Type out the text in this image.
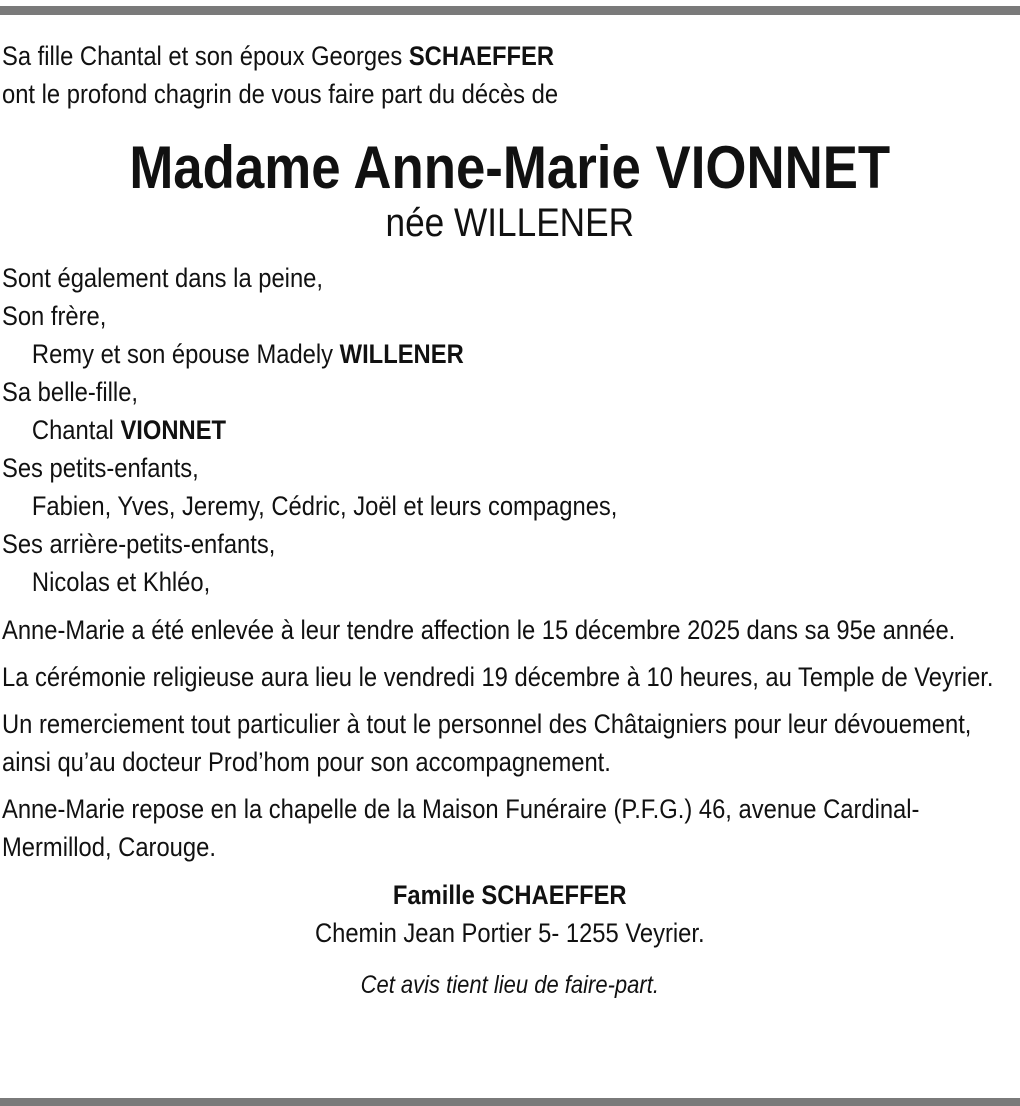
Sa fille Chantal et son époux Georges SCHAEFFER
ont le profond chagrin de vous faire part du décès de
Madame Anne-Marie VIONNET
née WILLENER
Sont également dans la peine,
Son frère,
Remy et son épouse Madely WILLENER
Sa belle-fille,
Chantal VIONNET
Ses petits-enfants,
Fabien, Yves, Jeremy, Cédric, Joël et leurs compagnes,
Ses arrière-petits-enfants,
Nicolas et Khléo,
Anne-Marie a été enlevée à leur tendre affection le 15 décembre 2025 dans sa 95e année.
La cérémonie religieuse aura lieu le vendredi 19 décembre à 10 heures, au Temple de Veyrier.
Un remerciement tout particulier à tout le personnel des Châtaigniers pour leur dévouement, ainsi qu’au docteur Prod’hom pour son accompagnement.
Anne-Marie repose en la chapelle de la Maison Funéraire (P.F.G.) 46, avenue Cardinal-Mermillod, Carouge.
Famille SCHAEFFER
Chemin Jean Portier 5- 1255 Veyrier.
Cet avis tient lieu de faire-part.
